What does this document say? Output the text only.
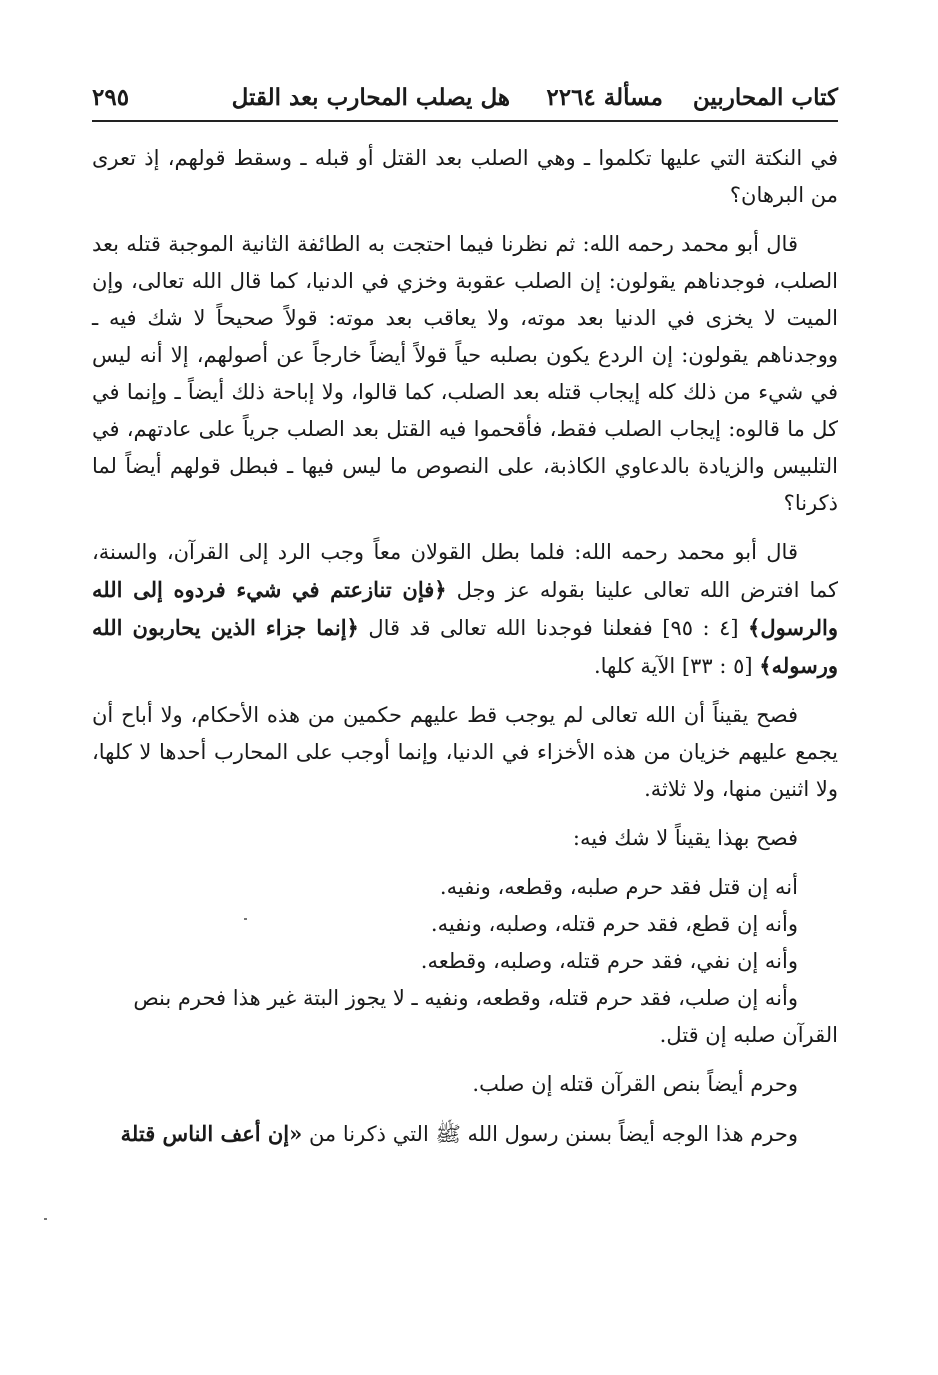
كتاب المحاربين
مسألة ٢٢٦٤
هل يصلب المحارب بعد القتل
٢٩٥

في النكتة التي عليها تكلموا ـ وهي الصلب بعد القتل أو قبله ـ وسقط قولهم، إذ تعرى من البرهان؟

قال أبو محمد رحمه الله: ثم نظرنا فيما احتجت به الطائفة الثانية الموجبة قتله بعد الصلب، فوجدناهم يقولون: إن الصلب عقوبة وخزي في الدنيا، كما قال الله تعالى، وإن الميت لا يخزى في الدنيا بعد موته، ولا يعاقب بعد موته: قولاً صحيحاً لا شك فيه ـ ووجدناهم يقولون: إن الردع يكون بصلبه حياً قولاً أيضاً خارجاً عن أصولهم، إلا أنه ليس في شيء من ذلك كله إيجاب قتله بعد الصلب، كما قالوا، ولا إباحة ذلك أيضاً ـ وإنما في كل ما قالوه: إيجاب الصلب فقط، فأقحموا فيه القتل بعد الصلب جرياً على عادتهم، في التلبيس والزيادة بالدعاوي الكاذبة، على النصوص ما ليس فيها ـ فبطل قولهم أيضاً لما ذكرنا؟

قال أبو محمد رحمه الله: فلما بطل القولان معاً وجب الرد إلى القرآن، والسنة، كما افترض الله تعالى علينا بقوله عز وجل ﴿فإن تنازعتم في شيء فردوه إلى الله والرسول﴾ [٤ : ٩٥] ففعلنا فوجدنا الله تعالى قد قال ﴿إنما جزاء الذين يحاربون الله ورسوله﴾ [٥ : ٣٣] الآية كلها.

فصح يقيناً أن الله تعالى لم يوجب قط عليهم حكمين من هذه الأحكام، ولا أباح أن يجمع عليهم خزيان من هذه الأخزاء في الدنيا، وإنما أوجب على المحارب أحدها لا كلها، ولا اثنين منها، ولا ثلاثة.

فصح بهذا يقيناً لا شك فيه:

أنه إن قتل فقد حرم صلبه، وقطعه، ونفيه.
وأنه إن قطع، فقد حرم قتله، وصلبه، ونفيه.
وأنه إن نفي، فقد حرم قتله، وصلبه، وقطعه.
وأنه إن صلب، فقد حرم قتله، وقطعه، ونفيه ـ لا يجوز البتة غير هذا فحرم بنص القرآن صلبه إن قتل.

وحرم أيضاً بنص القرآن قتله إن صلب.

وحرم هذا الوجه أيضاً بسنن رسول الله ﷺ التي ذكرنا من «إن أعف الناس قتلة
